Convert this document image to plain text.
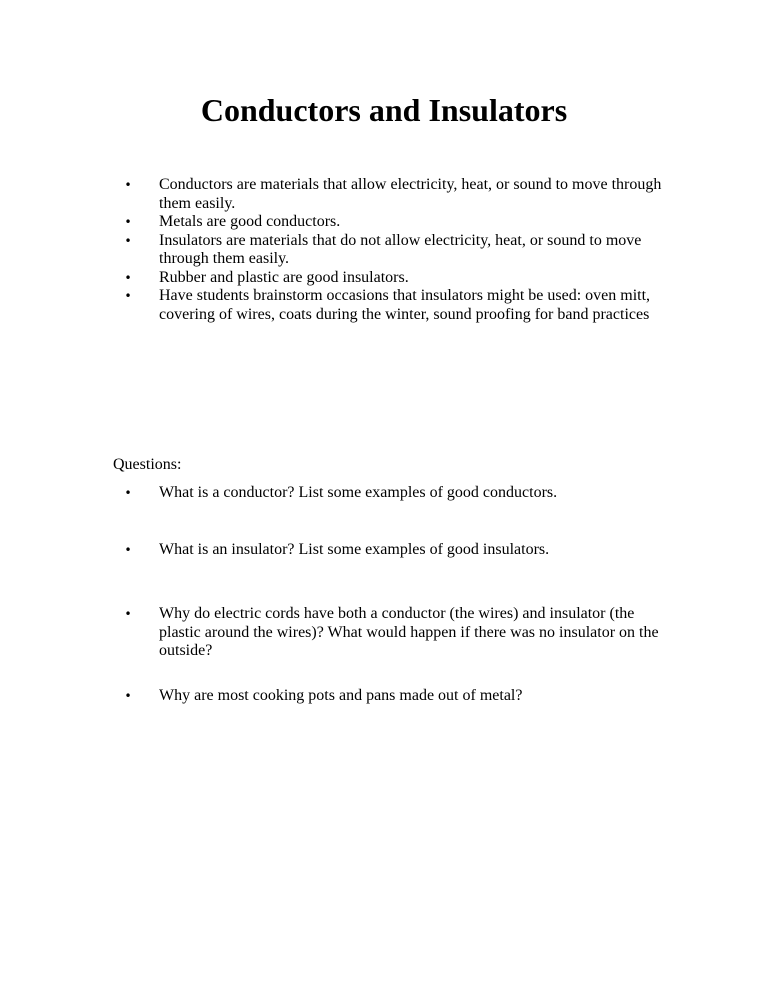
Conductors and Insulators
• Conductors are materials that allow electricity, heat, or sound to move through them easily.
• Metals are good conductors.
• Insulators are materials that do not allow electricity, heat, or sound to move through them easily.
• Rubber and plastic are good insulators.
• Have students brainstorm occasions that insulators might be used: oven mitt, covering of wires, coats during the winter, sound proofing for band practices

Questions:

• What is a conductor? List some examples of good conductors.
• What is an insulator? List some examples of good insulators.
• Why do electric cords have both a conductor (the wires) and insulator (the plastic around the wires)? What would happen if there was no insulator on the outside?
• Why are most cooking pots and pans made out of metal?
